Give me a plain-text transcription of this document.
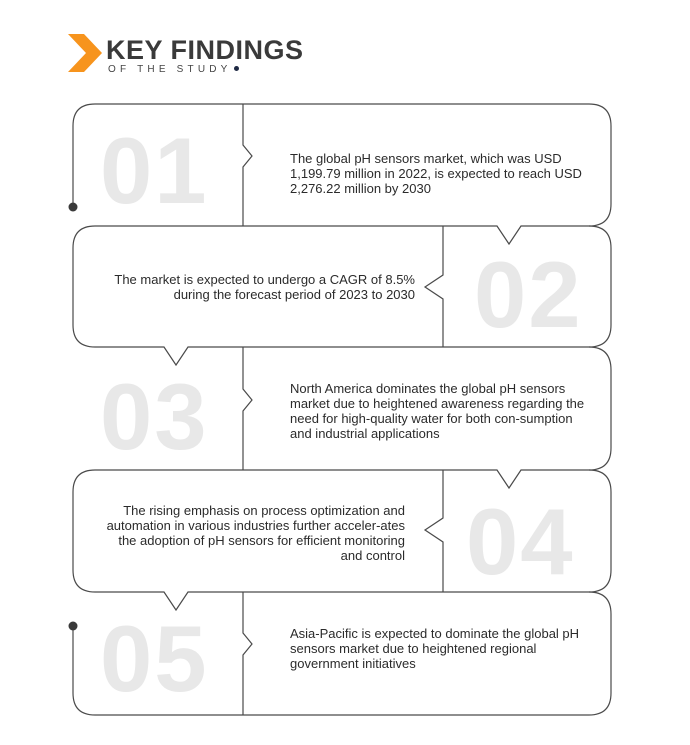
KEY FINDINGS
OF THE STUDY
01
02
03
04
05
The global pH sensors market, which was USD 1,199.79 million in 2022, is expected to reach USD 2,276.22 million by 2030
The market is expected to undergo a CAGR of 8.5% during the forecast period of 2023 to 2030
North America dominates the global pH sensors market due to heightened awareness regarding the need for high-quality water for both con-sumption and industrial applications
The rising emphasis on process optimization and automation in various industries further acceler-ates the adoption of pH sensors for efficient monitoring and control
Asia-Pacific is expected to dominate the global pH sensors market due to heightened regional government initiatives
